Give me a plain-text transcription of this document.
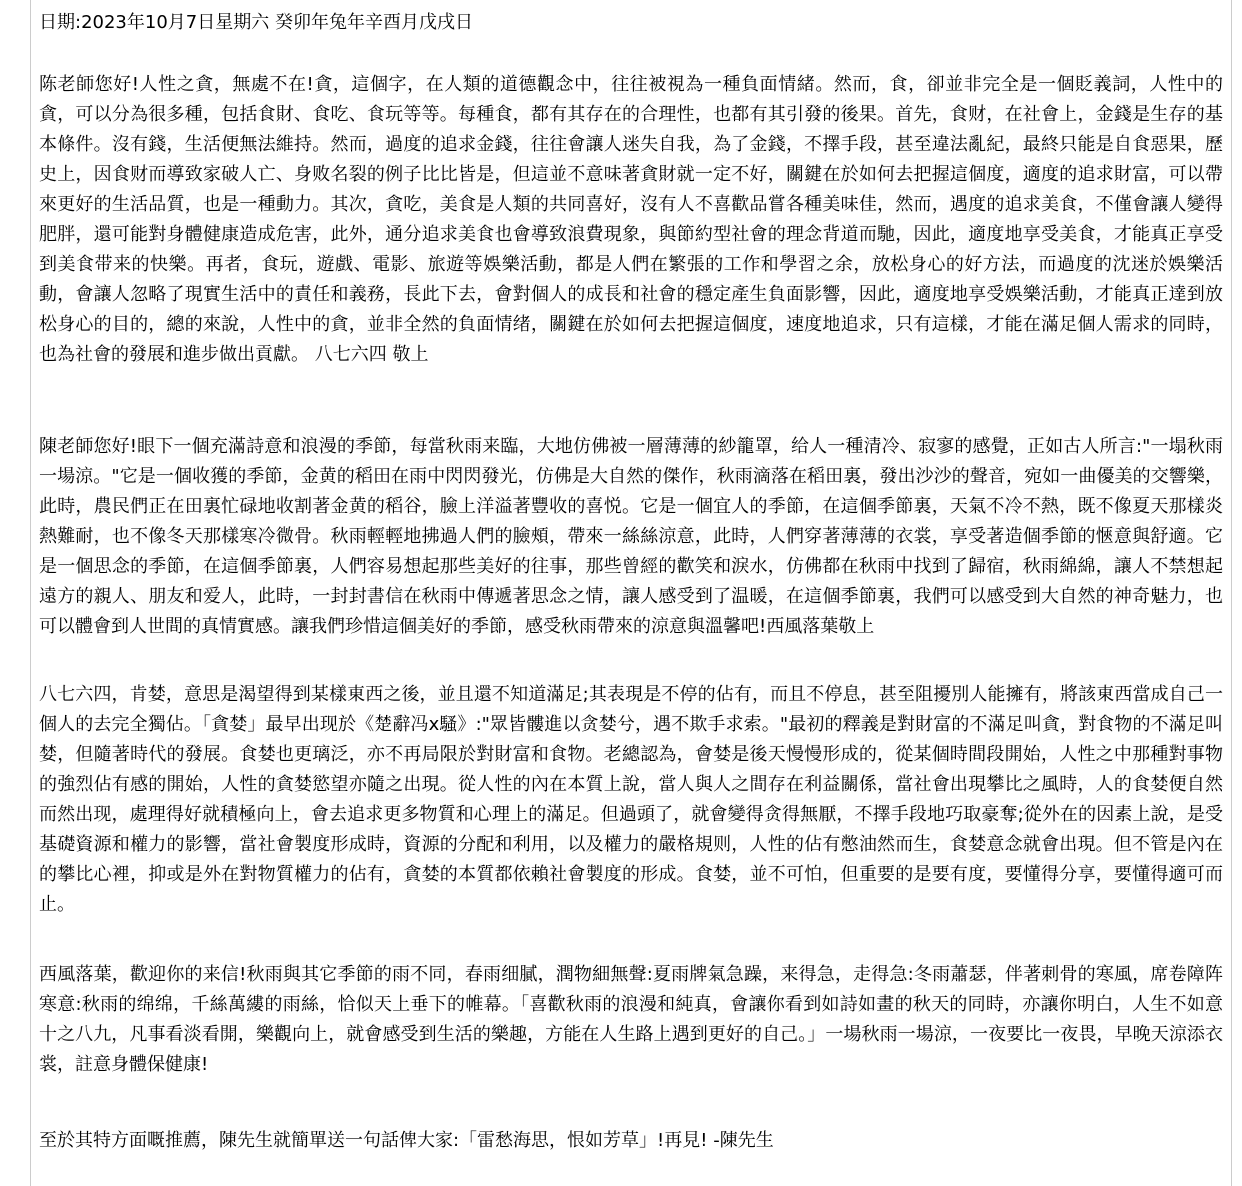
日期:2023年10月7日星期六 癸卯年兔年辛酉月戊戌日

陈老師您好!人性之貪，無處不在!貪，這個字，在人類的道德觀念中，往往被視為一種負面情緒。然而，食，卻並非完全是一個貶義詞，人性中的貪，可以分為很多種，包括食財、食吃、食玩等等。每種食，都有其存在的合理性，也都有其引發的後果。首先，食财，在社會上，金錢是生存的基本條件。沒有錢，生活便無法維持。然而，過度的追求金錢，往往會讓人迷失自我，為了金錢，不擇手段，甚至違法亂紀，最終只能是自食惡果，歷史上，因食财而導致家破人亡、身败名裂的例子比比皆是，但這並不意味著貪財就一定不好，關鍵在於如何去把握這個度，適度的追求財富，可以帶來更好的生活品質，也是一種動力。其次，貪吃，美食是人類的共同喜好，沒有人不喜歡品嘗各種美味佳，然而，遇度的追求美食，不僅會讓人變得肥胖，還可能對身體健康造成危害，此外，通分追求美食也會導致浪費現象，與節約型社會的理念背道而馳，因此，適度地享受美食，才能真正享受到美食带来的快樂。再者，食玩，遊戲、電影、旅遊等娛樂活動，都是人們在繁張的工作和學習之余，放松身心的好方法，而過度的沈迷於娛樂活動，會讓人忽略了現實生活中的責任和義務，長此下去，會對個人的成長和社會的穩定產生負面影響，因此，適度地享受娛樂活動，才能真正達到放松身心的目的，總的來說，人性中的貪，並非全然的負面情绪，關鍵在於如何去把握這個度，速度地追求，只有這樣，才能在滿足個人需求的同時，也為社會的發展和進步做出貢獻。 八七六四 敬上

陳老師您好!眼下一個充滿詩意和浪漫的季節，每當秋雨来臨，大地仿佛被一層薄薄的紗籠罩，给人一種清冷、寂寥的感覺，正如古人所言:"一塌秋雨一場涼。"它是一個收獲的季節，金黄的稻田在雨中閃閃發光，仿佛是大自然的傑作，秋雨滴落在稻田裏，發出沙沙的聲音，宛如一曲優美的交響樂，此時，農民們正在田裏忙碌地收割著金黄的稻谷，臉上洋溢著豐收的喜悦。它是一個宜人的季節，在這個季節裏，天氣不冷不熱，既不像夏天那樣炎熱難耐，也不像冬天那樣寒冷微骨。秋雨輕輕地拂過人們的臉頰，帶來一絲絲涼意，此時，人們穿著薄薄的衣裳，享受著造個季節的愜意與舒適。它是一個思念的季節，在這個季節裏，人們容易想起那些美好的往事，那些曾經的歡笑和淚水，仿佛都在秋雨中找到了歸宿，秋雨綿綿，讓人不禁想起遠方的親人、朋友和爱人，此時，一封封書信在秋雨中傳遞著思念之情，讓人感受到了温暖，在這個季節裏，我們可以感受到大自然的神奇魅力，也可以體會到人世間的真情實感。讓我們珍惜這個美好的季節，感受秋雨帶來的涼意與溫馨吧!西風落葉敬上

八七六四，肯婪，意思是渴望得到某樣東西之後，並且還不知道滿足;其表現是不停的佔有，而且不停息，甚至阻擾別人能擁有，將該東西當成自己一個人的去完全獨佔。「貪婪」最早出现於《楚辭冯x騷》:"眾皆髏進以贪婪兮，遇不欺手求索。"最初的釋義是對財富的不滿足叫貪，對食物的不滿足叫婪，但隨著時代的發展。食婪也更璃泛，亦不再局限於對財富和食物。老總認為，會婪是後天慢慢形成的，從某個時間段開始，人性之中那種對事物的強烈佔有感的開始，人性的貪婪慾望亦隨之出現。從人性的內在本質上說，當人與人之間存在利益關係，當社會出現攀比之風時，人的食婪便自然而然出现，處理得好就積極向上，會去追求更多物質和心理上的滿足。但過頭了，就會變得贪得無厭，不擇手段地巧取豪奪;從外在的因素上說，是受基礎資源和權力的影響，當社會製度形成時，資源的分配和利用，以及權力的嚴格規则，人性的佔有憋油然而生，食婪意念就會出現。但不管是內在的攀比心裡，抑或是外在對物質權力的佔有，貪婪的本質都依賴社會製度的形成。食婪，並不可怕，但重要的是要有度，要懂得分享，要懂得適可而止。

西風落葉，歡迎你的来信!秋雨與其它季節的雨不同，春雨细膩，潤物細無聲:夏雨牌氣急躁，来得急，走得急:冬雨蕭瑟，伴著刺骨的寒風，席卷障阵寒意:秋雨的绵绵，千絲萬縷的雨絲，恰似天上垂下的帷幕。「喜歡秋雨的浪漫和純真，會讓你看到如詩如畫的秋天的同時，亦讓你明白，人生不如意十之八九，凡事看淡看開，樂觀向上，就會感受到生活的樂趣，方能在人生路上遇到更好的自己。」一場秋雨一場涼，一夜要比一夜畏，早晚天涼添衣裳，註意身體保健康!

至於其特方面嘅推薦，陳先生就簡單送一句話俾大家:「雷愁海思，恨如芳草」!再見! -陳先生
